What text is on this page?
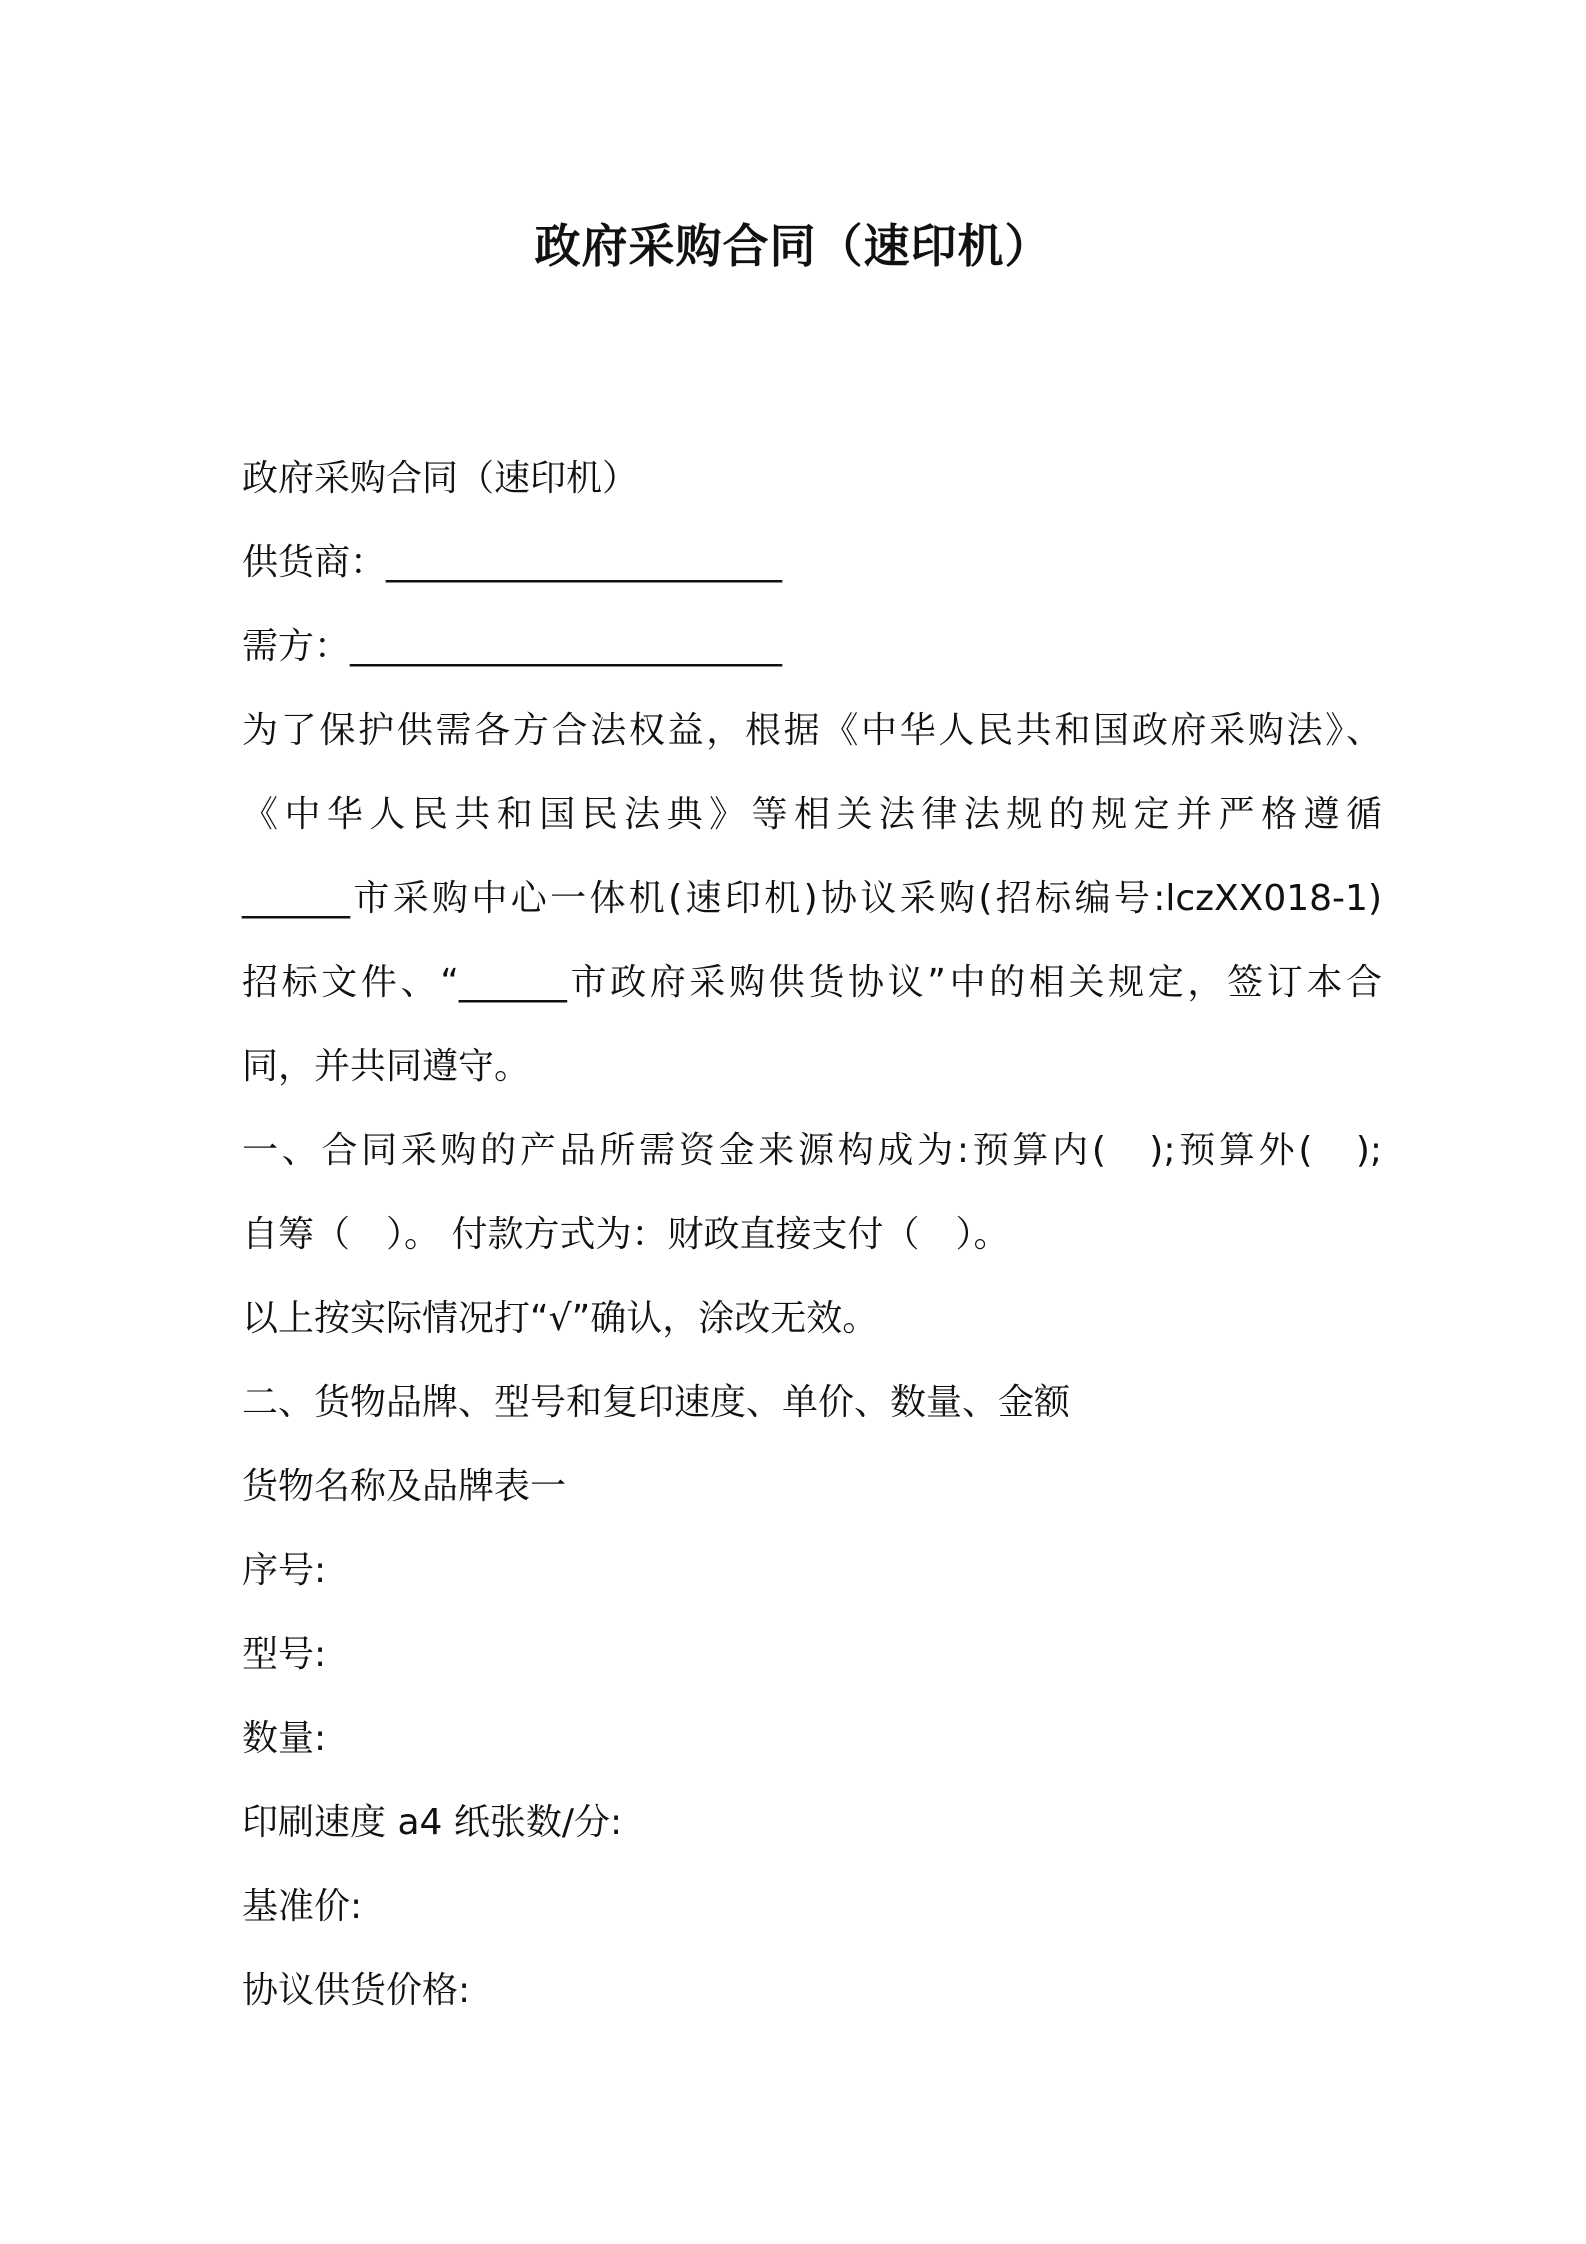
政府采购合同（速印机）
政府采购合同（速印机）
供货商：______________________
需方：________________________
为了保护供需各方合法权益，根据《中华人民共和国政府采购法》、
《中华人民共和国民法典》等相关法律法规的规定并严格遵循
______市采购中心一体机(速印机)协议采购(招标编号:lczXX018-1)
招标文件、“______市政府采购供货协议”中的相关规定，签订本合
同，并共同遵守。
一、合同采购的产品所需资金来源构成为:预算内(　);预算外(　);
自筹（　）。 付款方式为：财政直接支付（　）。
以上按实际情况打“√”确认，涂改无效。
二、货物品牌、型号和复印速度、单价、数量、金额
货物名称及品牌表一
序号:
型号:
数量:
印刷速度 a4 纸张数/分:
基准价:
协议供货价格:
